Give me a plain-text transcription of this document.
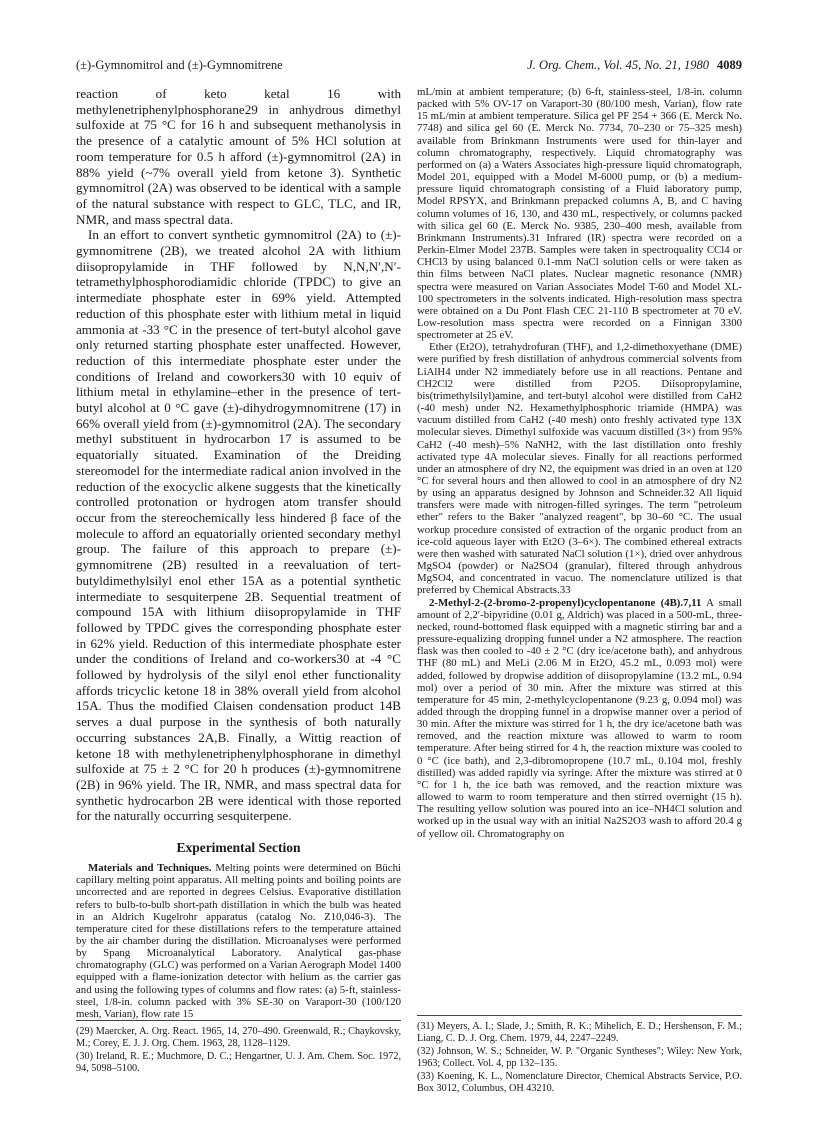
(±)-Gymnomitrol and (±)-Gymnomitrene	J. Org. Chem., Vol. 45, No. 21, 1980 4089

reaction of keto ketal 16 with methylenetriphenylphosphorane29 in anhydrous dimethyl sulfoxide at 75 °C for 16 h and subsequent methanolysis in the presence of a catalytic amount of 5% HCl solution at room temperature for 0.5 h afford (±)-gymnomitrol (2A) in 88% yield (~7% overall yield from ketone 3). Synthetic gymnomitrol (2A) was observed to be identical with a sample of the natural substance with respect to GLC, TLC, and IR, NMR, and mass spectral data.

In an effort to convert synthetic gymnomitrol (2A) to (±)-gymnomitrene (2B), we treated alcohol 2A with lithium diisopropylamide in THF followed by N,N,N′,N′-tetramethylphosphorodiamidic chloride (TPDC) to give an intermediate phosphate ester in 69% yield. Attempted reduction of this phosphate ester with lithium metal in liquid ammonia at -33 °C in the presence of tert-butyl alcohol gave only returned starting phosphate ester unaffected. However, reduction of this intermediate phosphate ester under the conditions of Ireland and coworkers30 with 10 equiv of lithium metal in ethylamine–ether in the presence of tert-butyl alcohol at 0 °C gave (±)-dihydrogymnomitrene (17) in 66% overall yield from (±)-gymnomitrol (2A). The secondary methyl substituent in hydrocarbon 17 is assumed to be equatorially situated. Examination of the Dreiding stereomodel for the intermediate radical anion involved in the reduction of the exocyclic alkene suggests that the kinetically controlled protonation or hydrogen atom transfer should occur from the stereochemically less hindered β face of the molecule to afford an equatorially oriented secondary methyl group. The failure of this approach to prepare (±)-gymnomitrene (2B) resulted in a reevaluation of tert-butyldimethylsilyl enol ether 15A as a potential synthetic intermediate to sesquiterpene 2B. Sequential treatment of compound 15A with lithium diisopropylamide in THF followed by TPDC gives the corresponding phosphate ester in 62% yield. Reduction of this intermediate phosphate ester under the conditions of Ireland and co-workers30 at -4 °C followed by hydrolysis of the silyl enol ether functionality affords tricyclic ketone 18 in 38% overall yield from alcohol 15A. Thus the modified Claisen condensation product 14B serves a dual purpose in the synthesis of both naturally occurring substances 2A,B. Finally, a Wittig reaction of ketone 18 with methylenetriphenylphosphorane in dimethyl sulfoxide at 75 ± 2 °C for 20 h produces (±)-gymnomitrene (2B) in 96% yield. The IR, NMR, and mass spectral data for synthetic hydrocarbon 2B were identical with those reported for the naturally occurring sesquiterpene.

Experimental Section

Materials and Techniques. Melting points were determined on Büchi capillary melting point apparatus. All melting points and boiling points are uncorrected and are reported in degrees Celsius. Evaporative distillation refers to bulb-to-bulb short-path distillation in which the bulb was heated in an Aldrich Kugelrohr apparatus (catalog No. Z10,046-3). The temperature cited for these distillations refers to the temperature attained by the air chamber during the distillation. Microanalyses were performed by Spang Microanalytical Laboratory. Analytical gas-phase chromatography (GLC) was performed on a Varian Aerograph Model 1400 equipped with a flame-ionization detector with helium as the carrier gas and using the following types of columns and flow rates: (a) 5-ft, stainless-steel, 1/8-in. column packed with 3% SE-30 on Varaport-30 (100/120 mesh, Varian), flow rate 15

mL/min at ambient temperature; (b) 6-ft, stainless-steel, 1/8-in. column packed with 5% OV-17 on Varaport-30 (80/100 mesh, Varian), flow rate 15 mL/min at ambient temperature. Silica gel PF 254 + 366 (E. Merck No. 7748) and silica gel 60 (E. Merck No. 7734, 70–230 or 75–325 mesh) available from Brinkmann Instruments were used for thin-layer and column chromatography, respectively. Liquid chromatography was performed on (a) a Waters Associates high-pressure liquid chromatograph, Model 201, equipped with a Model M-6000 pump, or (b) a medium-pressure liquid chromatograph consisting of a Fluid laboratory pump, Model RPSYX, and Brinkmann prepacked columns A, B, and C having column volumes of 16, 130, and 430 mL, respectively, or columns packed with silica gel 60 (E. Merck No. 9385, 230–400 mesh, available from Brinkmann Instruments).31 Infrared (IR) spectra were recorded on a Perkin-Elmer Model 237B. Samples were taken in spectroquality CCl4 or CHCl3 by using balanced 0.1-mm NaCl solution cells or were taken as thin films between NaCl plates. Nuclear magnetic resonance (NMR) spectra were measured on Varian Associates Model T-60 and Model XL-100 spectrometers in the solvents indicated. High-resolution mass spectra were obtained on a Du Pont Flash CEC 21-110 B spectrometer at 70 eV. Low-resolution mass spectra were recorded on a Finnigan 3300 spectrometer at 25 eV.

Ether (Et2O), tetrahydrofuran (THF), and 1,2-dimethoxyethane (DME) were purified by fresh distillation of anhydrous commercial solvents from LiAlH4 under N2 immediately before use in all reactions. Pentane and CH2Cl2 were distilled from P2O5. Diisopropylamine, bis(trimethylsilyl)amine, and tert-butyl alcohol were distilled from CaH2 (-40 mesh) under N2. Hexamethylphosphoric triamide (HMPA) was vacuum distilled from CaH2 (-40 mesh) onto freshly activated type 13X molecular sieves. Dimethyl sulfoxide was vacuum distilled (3×) from 95% CaH2 (-40 mesh)–5% NaNH2, with the last distillation onto freshly activated type 4A molecular sieves. Finally for all reactions performed under an atmosphere of dry N2, the equipment was dried in an oven at 120 °C for several hours and then allowed to cool in an atmosphere of dry N2 by using an apparatus designed by Johnson and Schneider.32 All liquid transfers were made with nitrogen-filled syringes. The term "petroleum ether" refers to the Baker "analyzed reagent", bp 30–60 °C. The usual workup procedure consisted of extraction of the organic product from an ice-cold aqueous layer with Et2O (3–6×). The combined ethereal extracts were then washed with saturated NaCl solution (1×), dried over anhydrous MgSO4 (powder) or Na2SO4 (granular), filtered through anhydrous MgSO4, and concentrated in vacuo. The nomenclature utilized is that preferred by Chemical Abstracts.33

2-Methyl-2-(2-bromo-2-propenyl)cyclopentanone (4B).7,11 A small amount of 2,2′-bipyridine (0.01 g, Aldrich) was placed in a 500-mL, three-necked, round-bottomed flask equipped with a magnetic stirring bar and a pressure-equalizing dropping funnel under a N2 atmosphere. The reaction flask was then cooled to -40 ± 2 °C (dry ice/acetone bath), and anhydrous THF (80 mL) and MeLi (2.06 M in Et2O, 45.2 mL, 0.093 mol) were added, followed by dropwise addition of diisopropylamine (13.2 mL, 0.94 mol) over a period of 30 min. After the mixture was stirred at this temperature for 45 min, 2-methylcyclopentanone (9.23 g, 0.094 mol) was added through the dropping funnel in a dropwise manner over a period of 30 min. After the mixture was stirred for 1 h, the dry ice/acetone bath was removed, and the reaction mixture was allowed to warm to room temperature. After being stirred for 4 h, the reaction mixture was cooled to 0 °C (ice bath), and 2,3-dibromopropene (10.7 mL, 0.104 mol, freshly distilled) was added rapidly via syringe. After the mixture was stirred at 0 °C for 1 h, the ice bath was removed, and the reaction mixture was allowed to warm to room temperature and then stirred overnight (15 h). The resulting yellow solution was poured into an ice–NH4Cl solution and worked up in the usual way with an initial Na2S2O3 wash to afford 20.4 g of yellow oil. Chromatography on

(29) Maercker, A. Org. React. 1965, 14, 270–490. Greenwald, R.; Chaykovsky, M.; Corey, E. J. J. Org. Chem. 1963, 28, 1128–1129.

(30) Ireland, R. E.; Muchmore, D. C.; Hengartner, U. J. Am. Chem. Soc. 1972, 94, 5098–5100.

(31) Meyers, A. I.; Slade, J.; Smith, R. K.; Mihelich, E. D.; Hershenson, F. M.; Liang, C. D. J. Org. Chem. 1979, 44, 2247–2249.

(32) Johnson, W. S.; Schneider, W. P. "Organic Syntheses"; Wiley: New York, 1963; Collect. Vol. 4, pp 132–135.

(33) Koening, K. L., Nomenclature Director, Chemical Abstracts Service, P.O. Box 3012, Columbus, OH 43210.
